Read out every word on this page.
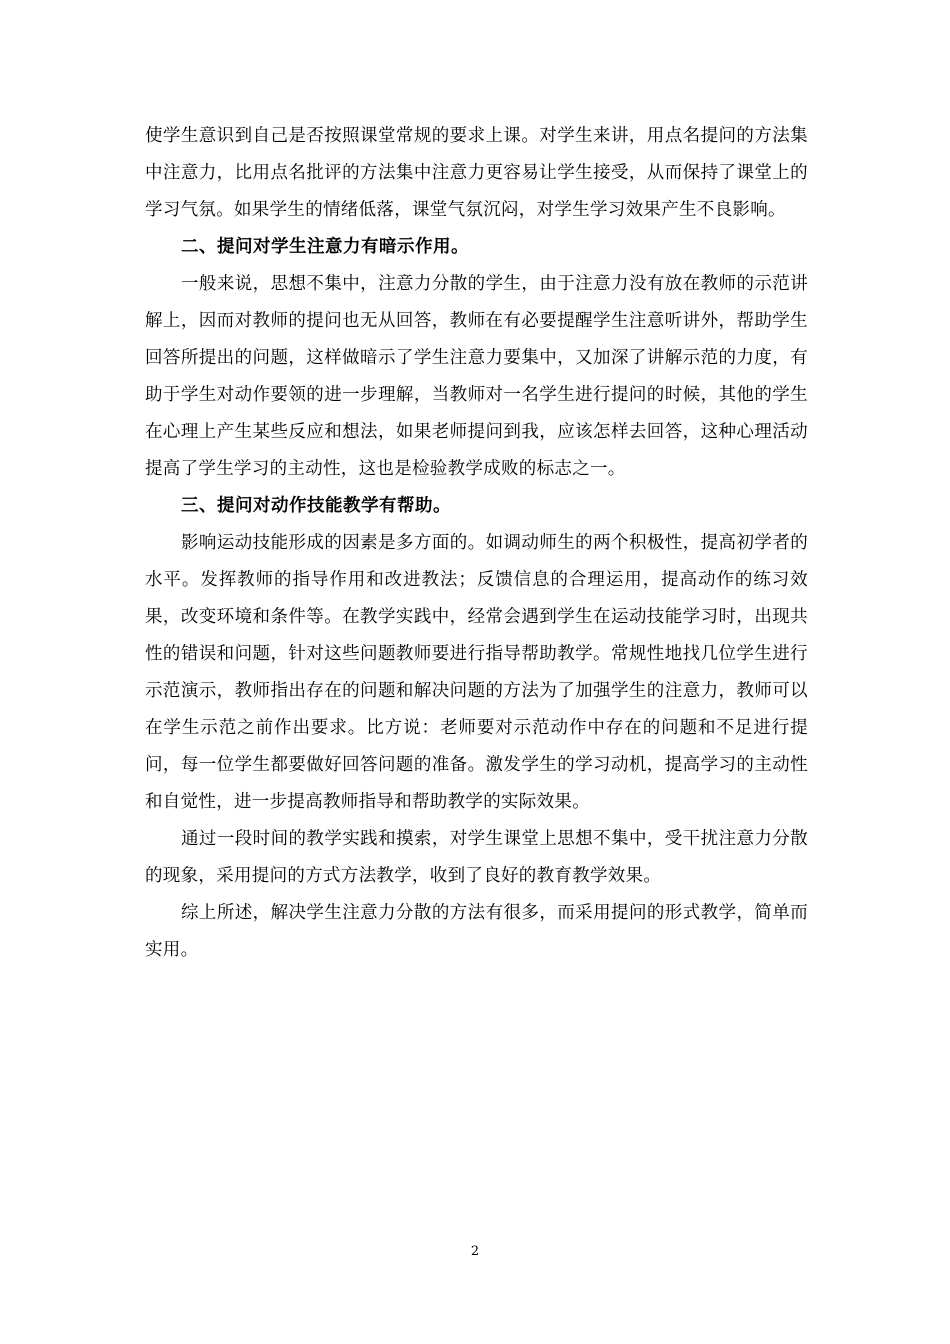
使学生意识到自己是否按照课堂常规的要求上课。对学生来讲，用点名提问的方法集中注意力，比用点名批评的方法集中注意力更容易让学生接受，从而保持了课堂上的学习气氛。如果学生的情绪低落，课堂气氛沉闷，对学生学习效果产生不良影响。

二、提问对学生注意力有暗示作用。

一般来说，思想不集中，注意力分散的学生，由于注意力没有放在教师的示范讲解上，因而对教师的提问也无从回答，教师在有必要提醒学生注意听讲外，帮助学生回答所提出的问题，这样做暗示了学生注意力要集中，又加深了讲解示范的力度，有助于学生对动作要领的进一步理解，当教师对一名学生进行提问的时候，其他的学生在心理上产生某些反应和想法，如果老师提问到我，应该怎样去回答，这种心理活动提高了学生学习的主动性，这也是检验教学成败的标志之一。

三、提问对动作技能教学有帮助。

影响运动技能形成的因素是多方面的。如调动师生的两个积极性，提高初学者的水平。发挥教师的指导作用和改进教法；反馈信息的合理运用，提高动作的练习效果，改变环境和条件等。在教学实践中，经常会遇到学生在运动技能学习时，出现共性的错误和问题，针对这些问题教师要进行指导帮助教学。常规性地找几位学生进行示范演示，教师指出存在的问题和解决问题的方法为了加强学生的注意力，教师可以在学生示范之前作出要求。比方说：老师要对示范动作中存在的问题和不足进行提问，每一位学生都要做好回答问题的准备。激发学生的学习动机，提高学习的主动性和自觉性，进一步提高教师指导和帮助教学的实际效果。

通过一段时间的教学实践和摸索，对学生课堂上思想不集中，受干扰注意力分散的现象，采用提问的方式方法教学，收到了良好的教育教学效果。

综上所述，解决学生注意力分散的方法有很多，而采用提问的形式教学，简单而实用。

2
